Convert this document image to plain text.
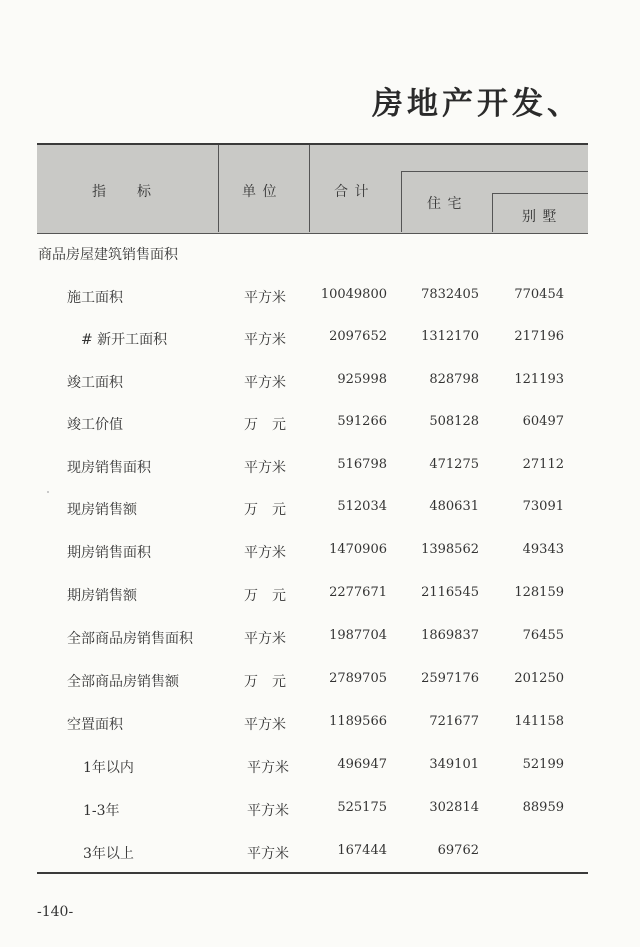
房地产开发、
指　　标	单 位	合 计
住 宅
别 墅
商品房屋建筑销售面积
施工面积	平方米	10049800	7832405	770454
# 新开工面积	平方米	2097652	1312170	217196
竣工面积	平方米	925998	828798	121193
竣工价值	万　元	591266	508128	60497
现房销售面积	平方米	516798	471275	27112
现房销售额	万　元	512034	480631	73091
期房销售面积	平方米	1470906	1398562	49343
期房销售额	万　元	2277671	2116545	128159
全部商品房销售面积	平方米	1987704	1869837	76455
全部商品房销售额	万　元	2789705	2597176	201250
空置面积	平方米	1189566	721677	141158
1年以内	平方米	496947	349101	52199
1-3年	平方米	525175	302814	88959
3年以上	平方米	167444	69762
-140-
